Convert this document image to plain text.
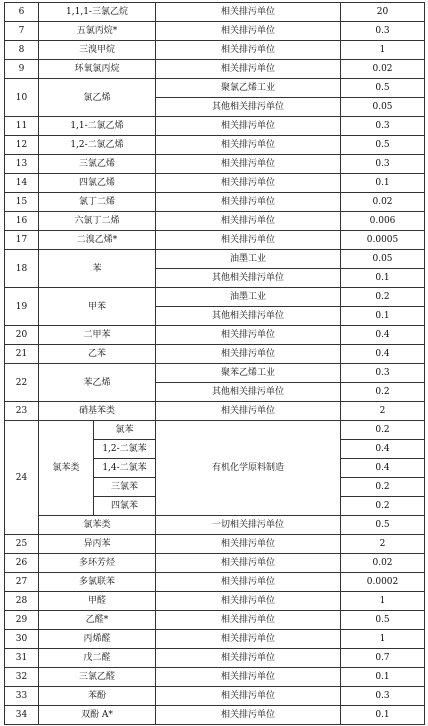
6	1,1,1-三氯乙烷		相关排污单位	20
7	五氯丙烷*		相关排污单位	0.3
8	三溴甲烷		相关排污单位	1
9	环氧氯丙烷		相关排污单位	0.02
10	氯乙烯		聚氯乙烯工业	0.5
			其他相关排污单位	0.05
11	1,1-二氯乙烯		相关排污单位	0.3
12	1,2-二氯乙烯		相关排污单位	0.5
13	三氯乙烯		相关排污单位	0.3
14	四氯乙烯		相关排污单位	0.1
15	氯丁二烯		相关排污单位	0.02
16	六氯丁二烯		相关排污单位	0.006
17	二溴乙烯*		相关排污单位	0.0005
18	苯		油墨工业	0.05
			其他相关排污单位	0.1
19	甲苯		油墨工业	0.2
			其他相关排污单位	0.1
20	二甲苯		相关排污单位	0.4
21	乙苯		相关排污单位	0.4
22	苯乙烯		聚苯乙烯工业	0.3
			其他相关排污单位	0.2
23	硝基苯类		相关排污单位	2
24	氯苯类	氯苯	有机化学原料制造	0.2
		1,2-二氯苯		0.4
		1,4-二氯苯		0.4
		三氯苯		0.2
		四氯苯		0.2
	氯苯类		一切相关排污单位	0.5
25	异丙苯		相关排污单位	2
26	多环芳烃		相关排污单位	0.02
27	多氯联苯		相关排污单位	0.0002
28	甲醛		相关排污单位	1
29	乙醛*		相关排污单位	0.5
30	丙烯醛		相关排污单位	1
31	戊二醛		相关排污单位	0.7
32	三氯乙醛		相关排污单位	0.1
33	苯酚		相关排污单位	0.3
34	双酚 A*		相关排污单位	0.1
